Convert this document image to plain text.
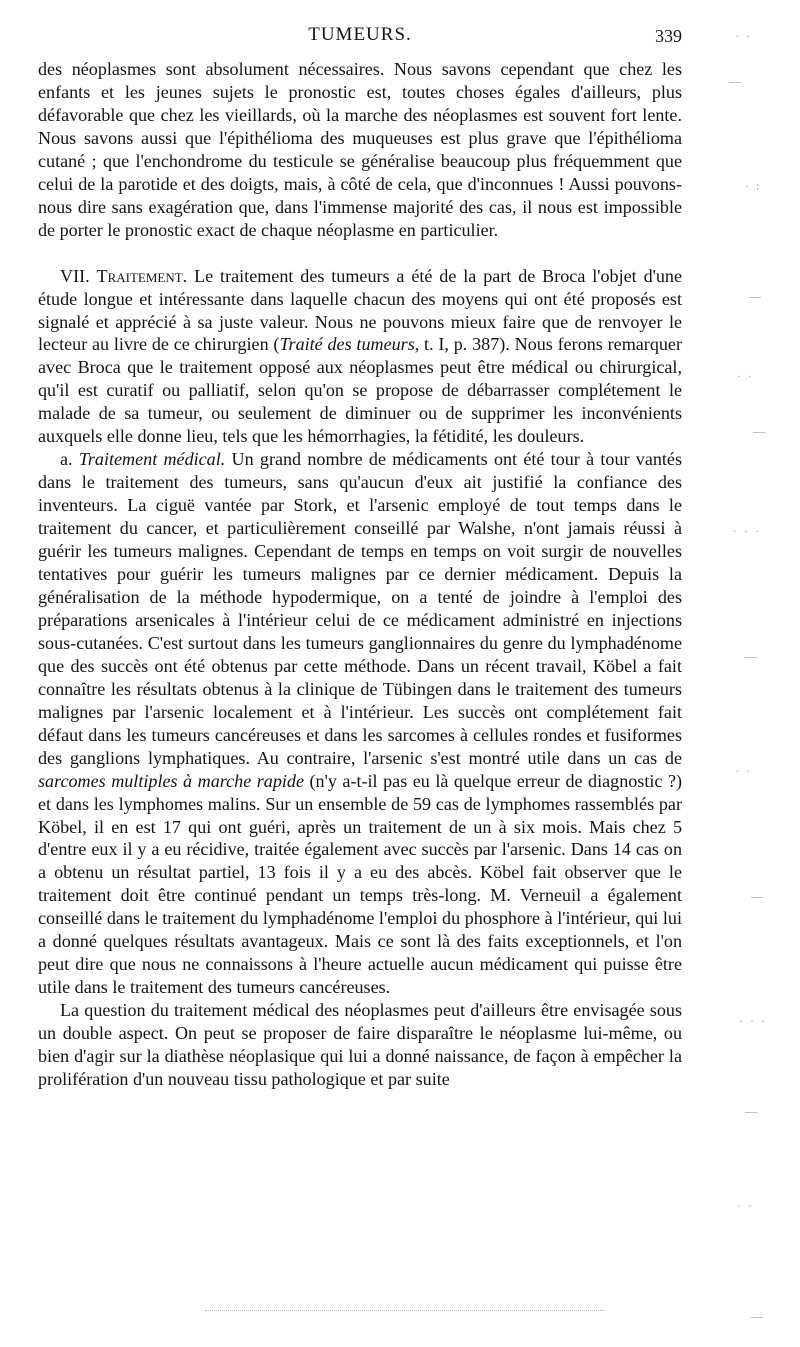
TUMEURS.	339

des néoplasmes sont absolument nécessaires. Nous savons cependant que chez les enfants et les jeunes sujets le pronostic est, toutes choses égales d'ailleurs, plus défavorable que chez les vieillards, où la marche des néoplasmes est souvent fort lente. Nous savons aussi que l'épithélioma des muqueuses est plus grave que l'épithélioma cutané ; que l'enchondrome du testicule se généralise beaucoup plus fréquemment que celui de la parotide et des doigts, mais, à côté de cela, que d'inconnues ! Aussi pouvons-nous dire sans exagération que, dans l'immense majorité des cas, il nous est impossible de porter le pronostic exact de chaque néoplasme en particulier.

VII. Traitement. Le traitement des tumeurs a été de la part de Broca l'objet d'une étude longue et intéressante dans laquelle chacun des moyens qui ont été proposés est signalé et apprécié à sa juste valeur. Nous ne pouvons mieux faire que de renvoyer le lecteur au livre de ce chirurgien (Traité des tumeurs, t. I, p. 387). Nous ferons remarquer avec Broca que le traitement opposé aux néoplasmes peut être médical ou chirurgical, qu'il est curatif ou palliatif, selon qu'on se propose de débarrasser complétement le malade de sa tumeur, ou seulement de diminuer ou de supprimer les inconvénients auxquels elle donne lieu, tels que les hémorrhagies, la fétidité, les douleurs.

a. Traitement médical. Un grand nombre de médicaments ont été tour à tour vantés dans le traitement des tumeurs, sans qu'aucun d'eux ait justifié la confiance des inventeurs. La ciguë vantée par Stork, et l'arsenic employé de tout temps dans le traitement du cancer, et particulièrement conseillé par Walshe, n'ont jamais réussi à guérir les tumeurs malignes. Cependant de temps en temps on voit surgir de nouvelles tentatives pour guérir les tumeurs malignes par ce dernier médicament. Depuis la généralisation de la méthode hypodermique, on a tenté de joindre à l'emploi des préparations arsenicales à l'intérieur celui de ce médicament administré en injections sous-cutanées. C'est surtout dans les tumeurs ganglionnaires du genre du lymphadénome que des succès ont été obtenus par cette méthode. Dans un récent travail, Köbel a fait connaître les résultats obtenus à la clinique de Tübingen dans le traitement des tumeurs malignes par l'arsenic localement et à l'intérieur. Les succès ont complétement fait défaut dans les tumeurs cancéreuses et dans les sarcomes à cellules rondes et fusiformes des ganglions lymphatiques. Au contraire, l'arsenic s'est montré utile dans un cas de sarcomes multiples à marche rapide (n'y a-t-il pas eu là quelque erreur de diagnostic ?) et dans les lymphomes malins. Sur un ensemble de 59 cas de lymphomes rassemblés par Köbel, il en est 17 qui ont guéri, après un traitement de un à six mois. Mais chez 5 d'entre eux il y a eu récidive, traitée également avec succès par l'arsenic. Dans 14 cas on a obtenu un résultat partiel, 13 fois il y a eu des abcès. Köbel fait observer que le traitement doit être continué pendant un temps très-long. M. Verneuil a également conseillé dans le traitement du lymphadénome l'emploi du phosphore à l'intérieur, qui lui a donné quelques résultats avantageux. Mais ce sont là des faits exceptionnels, et l'on peut dire que nous ne connaissons à l'heure actuelle aucun médicament qui puisse être utile dans le traitement des tumeurs cancéreuses.

La question du traitement médical des néoplasmes peut d'ailleurs être envisagée sous un double aspect. On peut se proposer de faire disparaître le néoplasme lui-même, ou bien d'agir sur la diathèse néoplasique qui lui a donné naissance, de façon à empêcher la prolifération d'un nouveau tissu pathologique et par suite

· ·
—
· :
—
· ·
—
· · ·
—
· ·
—
· · ·
—
· ·
—
